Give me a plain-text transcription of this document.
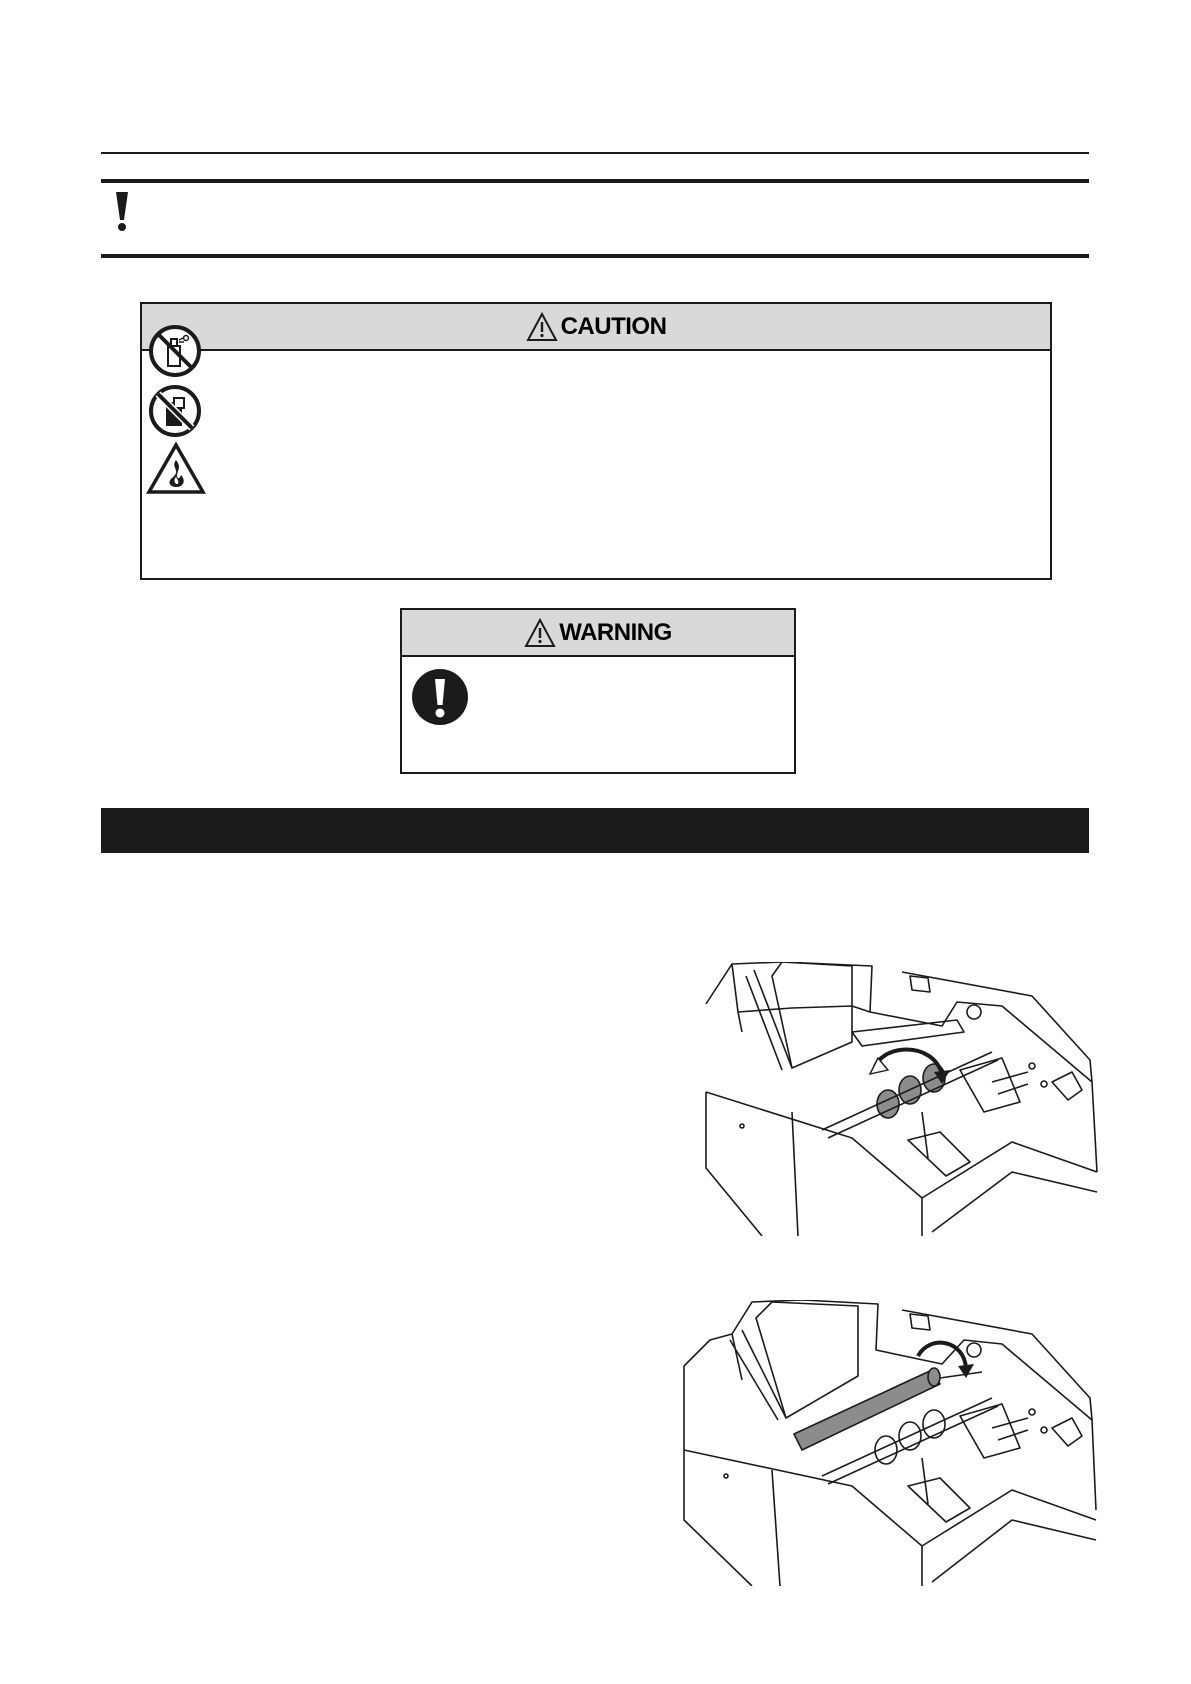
CAUTION
WARNING
